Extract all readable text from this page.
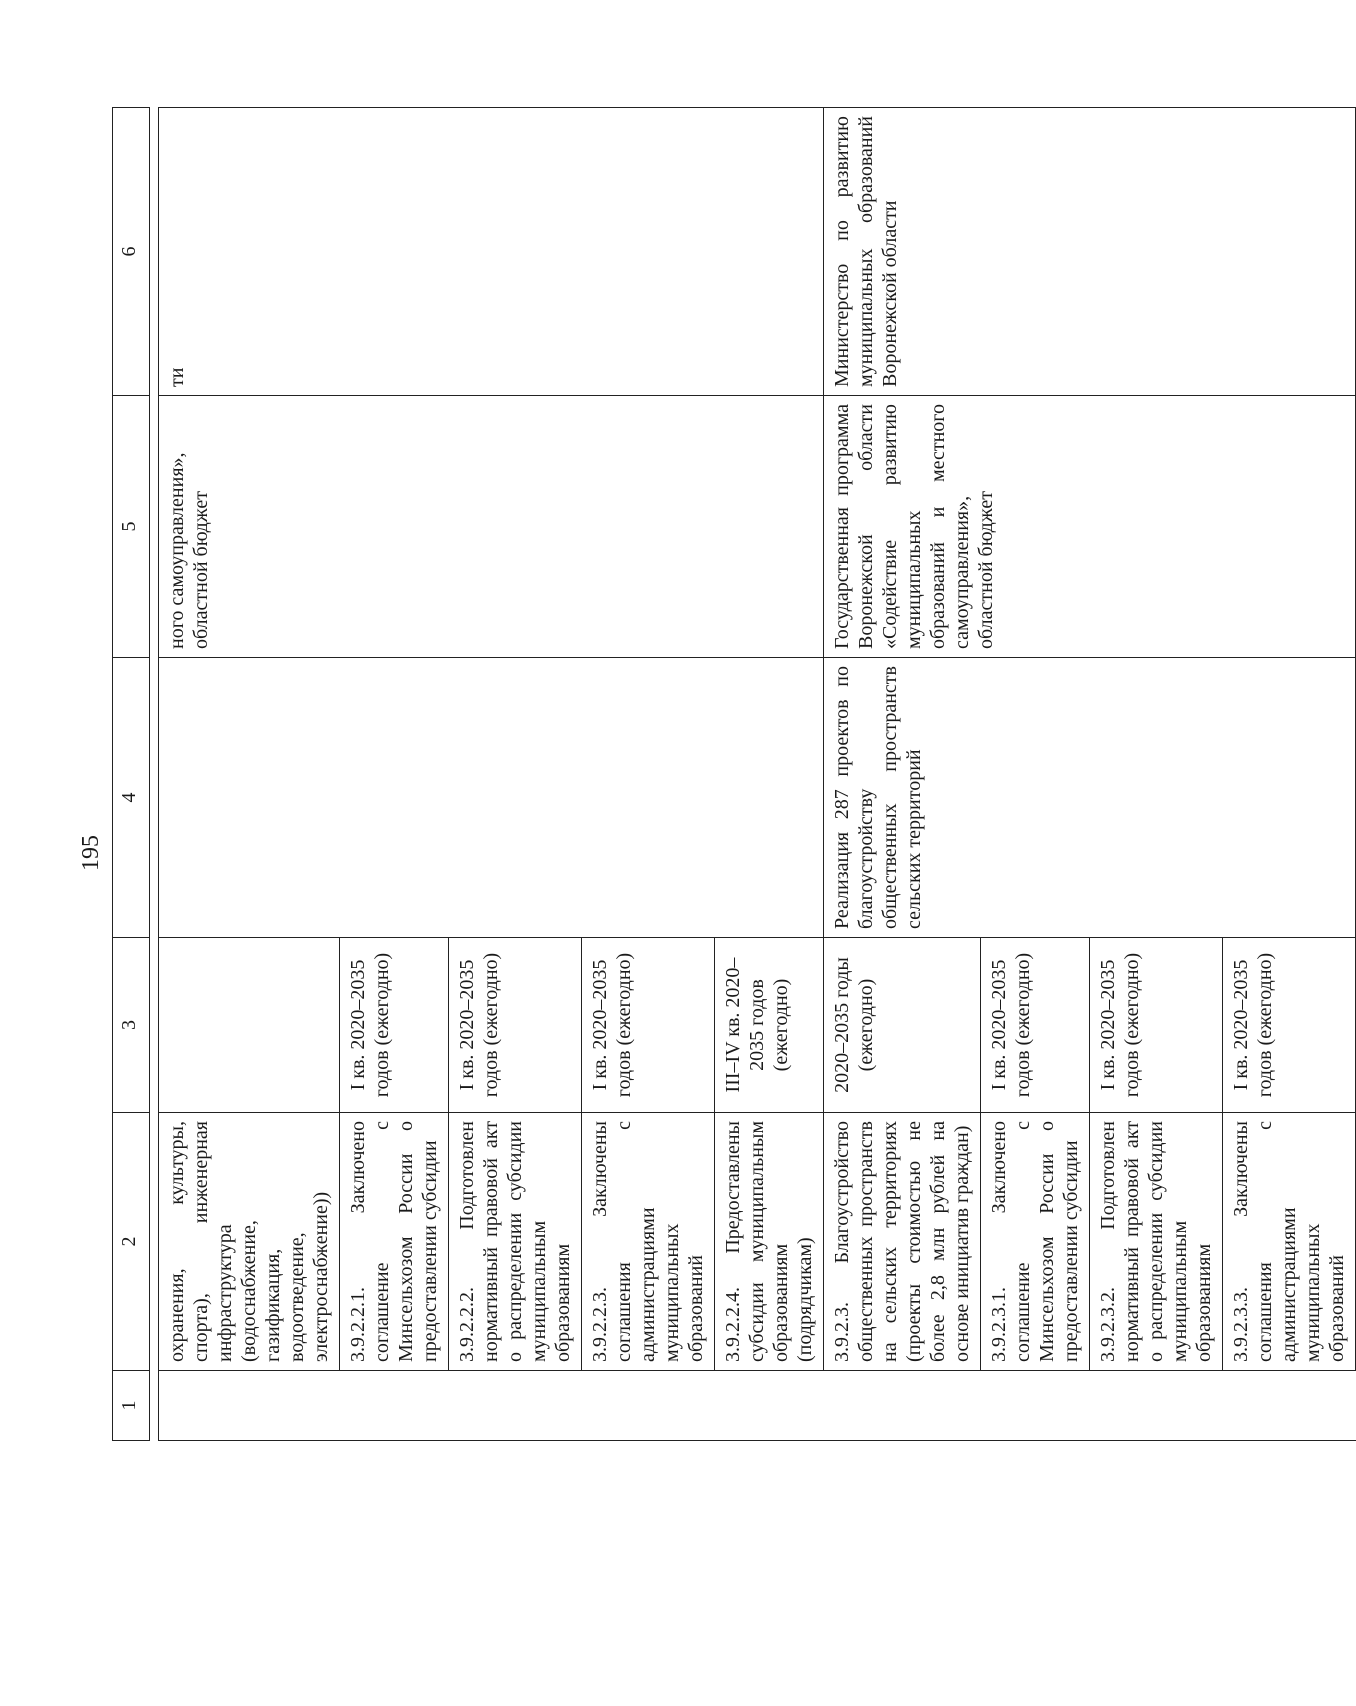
195
1	2	3	4	5	6

	охранения, культуры, спорта), инженерная инфраструктура (водоснабжение, газификация, водоотведение, электроснабжение))			ного самоуправления», областной бюджет	ти
	3.9.2.2.1. Заключено соглашение с Минсельхозом России о предоставлении субсидии	I кв. 2020–2035 годов (ежегодно)			
	3.9.2.2.2. Подготовлен нормативный правовой акт о распределении субсидии муниципальным образованиям	I кв. 2020–2035 годов (ежегодно)			
	3.9.2.2.3. Заключены соглашения с администрациями муниципальных образований	I кв. 2020–2035 годов (ежегодно)			
	3.9.2.2.4. Предоставлены субсидии муниципальным образованиям (подрядчикам)	III–IV кв. 2020–2035 годов (ежегодно)			
	3.9.2.3. Благоустройство общественных пространств на сельских территориях (проекты стоимостью не более 2,8 млн рублей на основе инициатив граждан)	2020–2035 годы (ежегодно)	Реализация 287 проектов по благоустройству общественных пространств сельских территорий	Государственная программа Воронежской области «Содействие развитию муниципальных образований и местного самоуправления», областной бюджет	Министерство по развитию муниципальных образований Воронежской области
	3.9.2.3.1. Заключено соглашение с Минсельхозом России о предоставлении субсидии	I кв. 2020–2035 годов (ежегодно)			
	3.9.2.3.2. Подготовлен нормативный правовой акт о распределении субсидии муниципальным образованиям	I кв. 2020–2035 годов (ежегодно)			
	3.9.2.3.3. Заключены соглашения с администрациями муниципальных образований	I кв. 2020–2035 годов (ежегодно)			
